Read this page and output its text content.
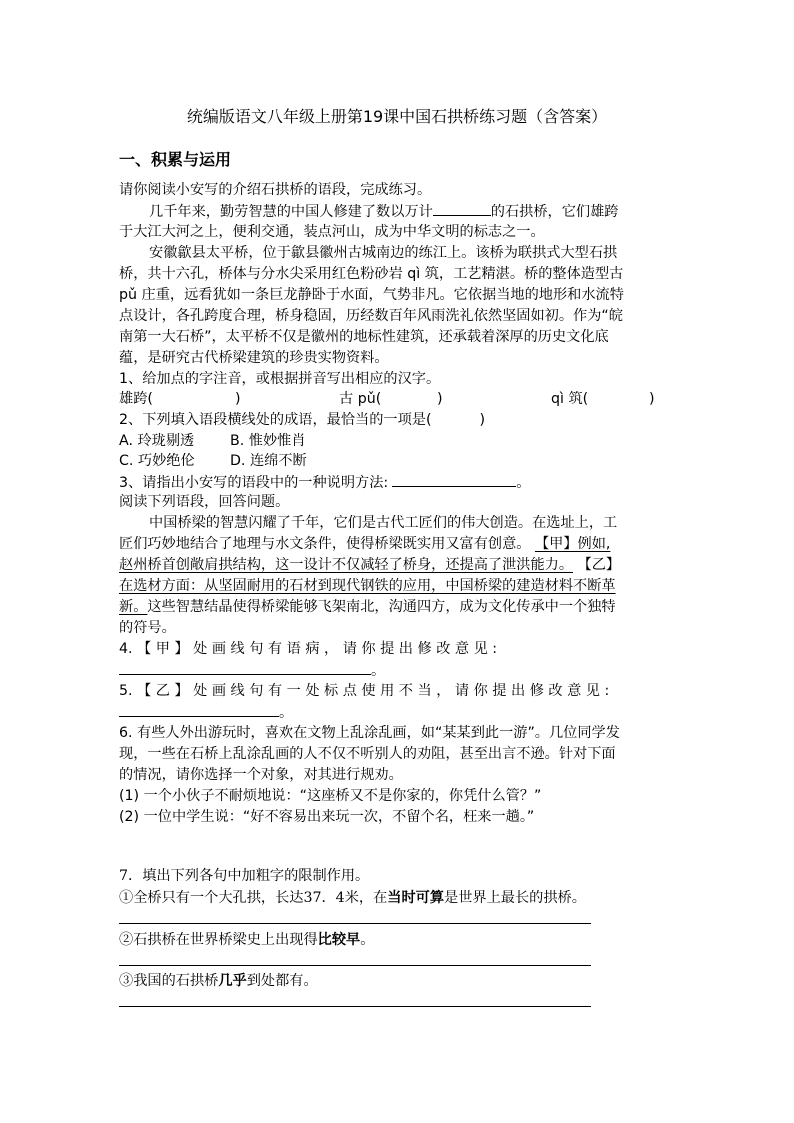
统编版语文八年级上册第19课中国石拱桥练习题（含答案）
一、积累与运用
请你阅读小安写的介绍石拱桥的语段，完成练习。
几千年来，勤劳智慧的中国人修建了数以万计	的石拱桥，它们雄跨
于大江大河之上，便利交通，装点河山，成为中华文明的标志之一。
安徽歙县太平桥，位于歙县徽州古城南边的练江上。该桥为联拱式大型石拱
桥，共十六孔，桥体与分水尖采用红色粉砂岩 qì 筑，工艺精湛。桥的整体造型古
pǔ 庄重，远看犹如一条巨龙静卧于水面，气势非凡。它依据当地的地形和水流特
点设计，各孔跨度合理，桥身稳固，历经数百年风雨洗礼依然坚固如初。作为“皖
南第一大石桥”，太平桥不仅是徽州的地标性建筑，还承载着深厚的历史文化底
蕴，是研究古代桥梁建筑的珍贵实物资料。
1、给加点的字注音，或根据拼音写出相应的汉字。
雄跨(	)	古 pǔ(	)	qì 筑(	)
2、下列填入语段横线处的成语，最恰当的一项是(	)
A. 玲珑剔透	B. 惟妙惟肖
C. 巧妙绝伦 D. 连绵不断
3、请指出小安写的语段中的一种说明方法:	。
阅读下列语段，回答问题。
中国桥梁的智慧闪耀了千年，它们是古代工匠们的伟大创造。在选址上，工
匠们巧妙地结合了地理与水文条件，使得桥梁既实用又富有创意。 【甲】例如,
赵州桥首创敞肩拱结构，这一设计不仅减轻了桥身，还提高了泄洪能力。 【乙】
在选材方面：从坚固耐用的石材到现代钢铁的应用，中国桥梁的建造材料不断革
新。这些智慧结晶使得桥梁能够飞架南北，沟通四方，成为文化传承中一个独特
的符号。
4. 【 甲 】 处 画 线 句 有 语 病 ， 请 你 提 出 修 改 意 见 :
。
5. 【 乙 】 处 画 线 句 有 一 处 标 点 使 用 不 当 ， 请 你 提 出 修 改 意 见 :
。
6. 有些人外出游玩时，喜欢在文物上乱涂乱画，如“某某到此一游”。几位同学发
现，一些在石桥上乱涂乱画的人不仅不听别人的劝阻，甚至出言不逊。针对下面
的情况，请你选择一个对象，对其进行规劝。
(1) 一个小伙子不耐烦地说：“这座桥又不是你家的，你凭什么管？”
(2) 一位中学生说：“好不容易出来玩一次，不留个名，枉来一趟。”
7．填出下列各句中加粗字的限制作用。
①全桥只有一个大孔拱，长达37．4米，在当时可算是世界上最长的拱桥。
②石拱桥在世界桥梁史上出现得比较早。
③我国的石拱桥几乎到处都有。
